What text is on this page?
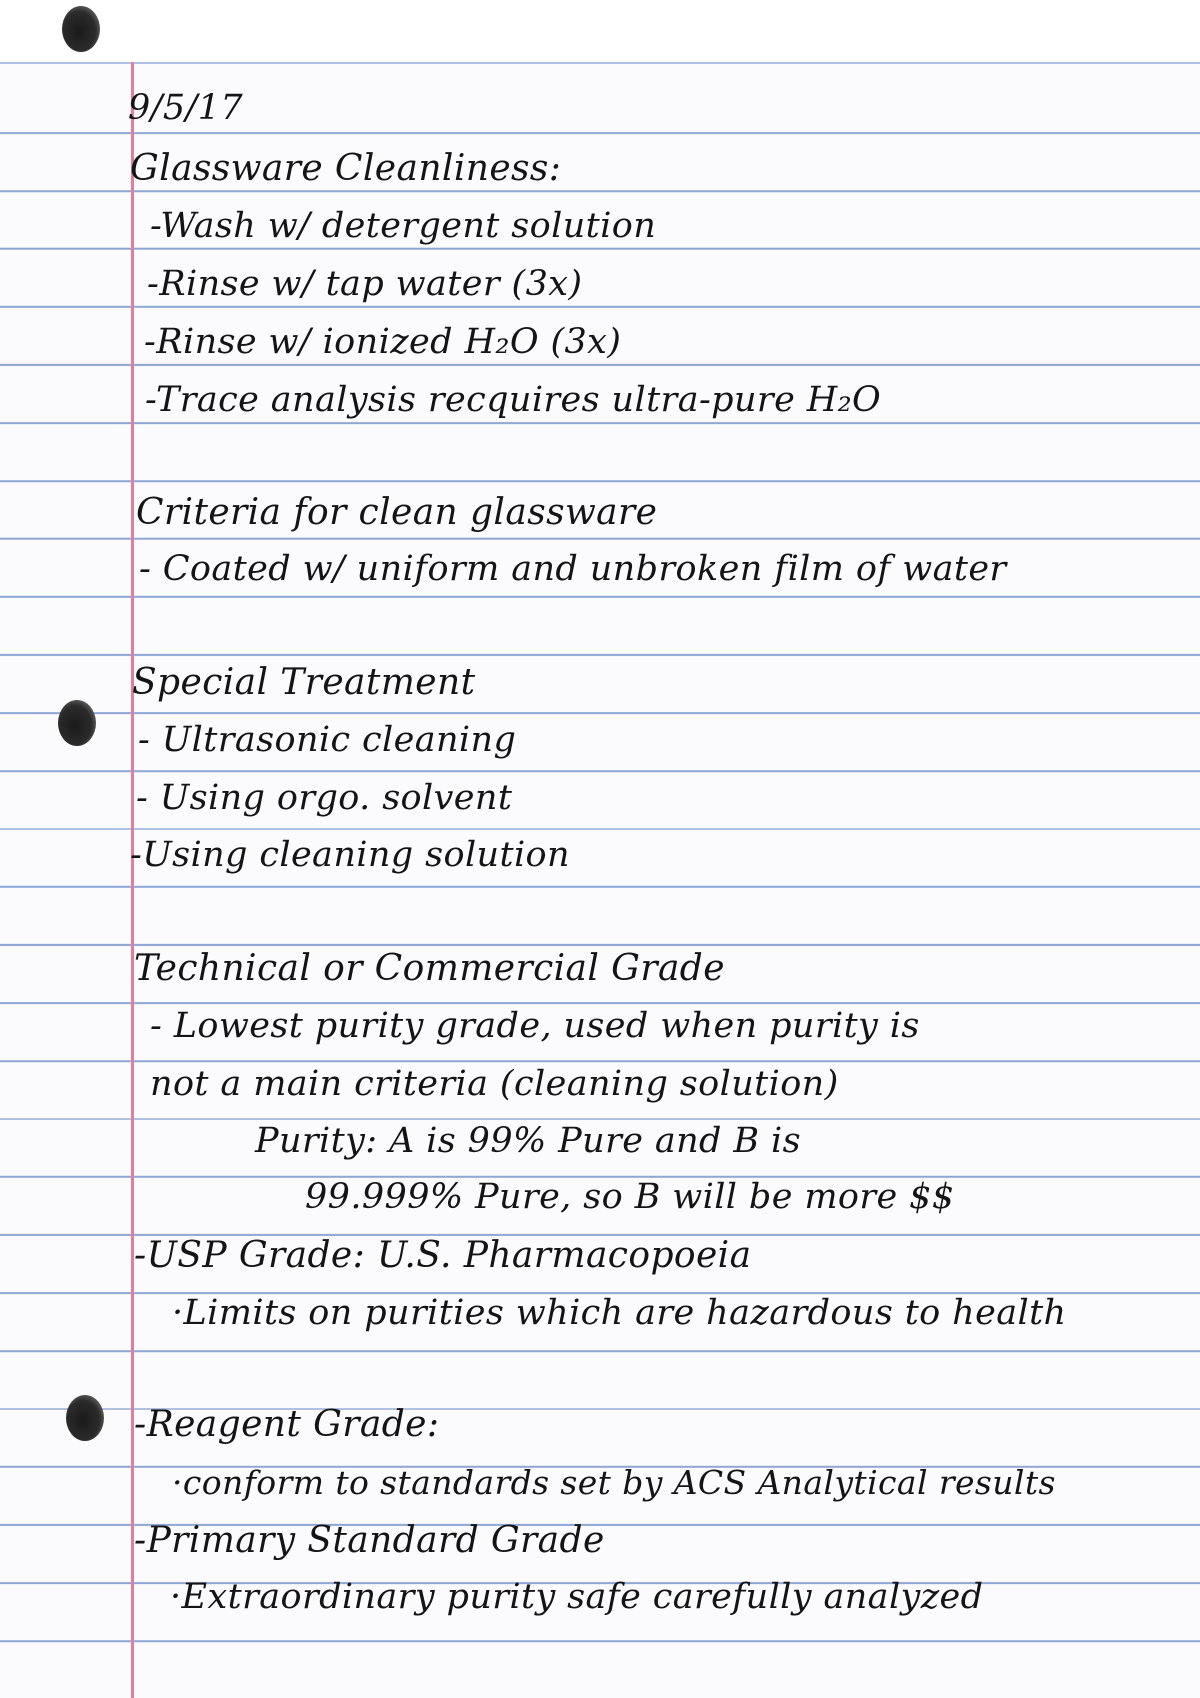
9/5/17

Glassware Cleanliness:

-Wash w/ detergent solution

-Rinse w/ tap water (3x)

-Rinse w/ ionized H₂O (3x)

-Trace analysis recquires ultra-pure H₂O

Criteria for clean glassware

- Coated w/ uniform and unbroken film of water

Special Treatment

- Ultrasonic cleaning

- Using orgo. solvent

-Using cleaning solution

Technical or Commercial Grade

- Lowest purity grade, used when purity is

not a main criteria (cleaning solution)

Purity: A is 99% Pure and B is

99.999% Pure, so B will be more $$

-USP Grade: U.S. Pharmacopoeia

·Limits on purities which are hazardous to health

-Reagent Grade:

·conform to standards set by ACS Analytical results

-Primary Standard Grade

·Extraordinary purity safe carefully analyzed
